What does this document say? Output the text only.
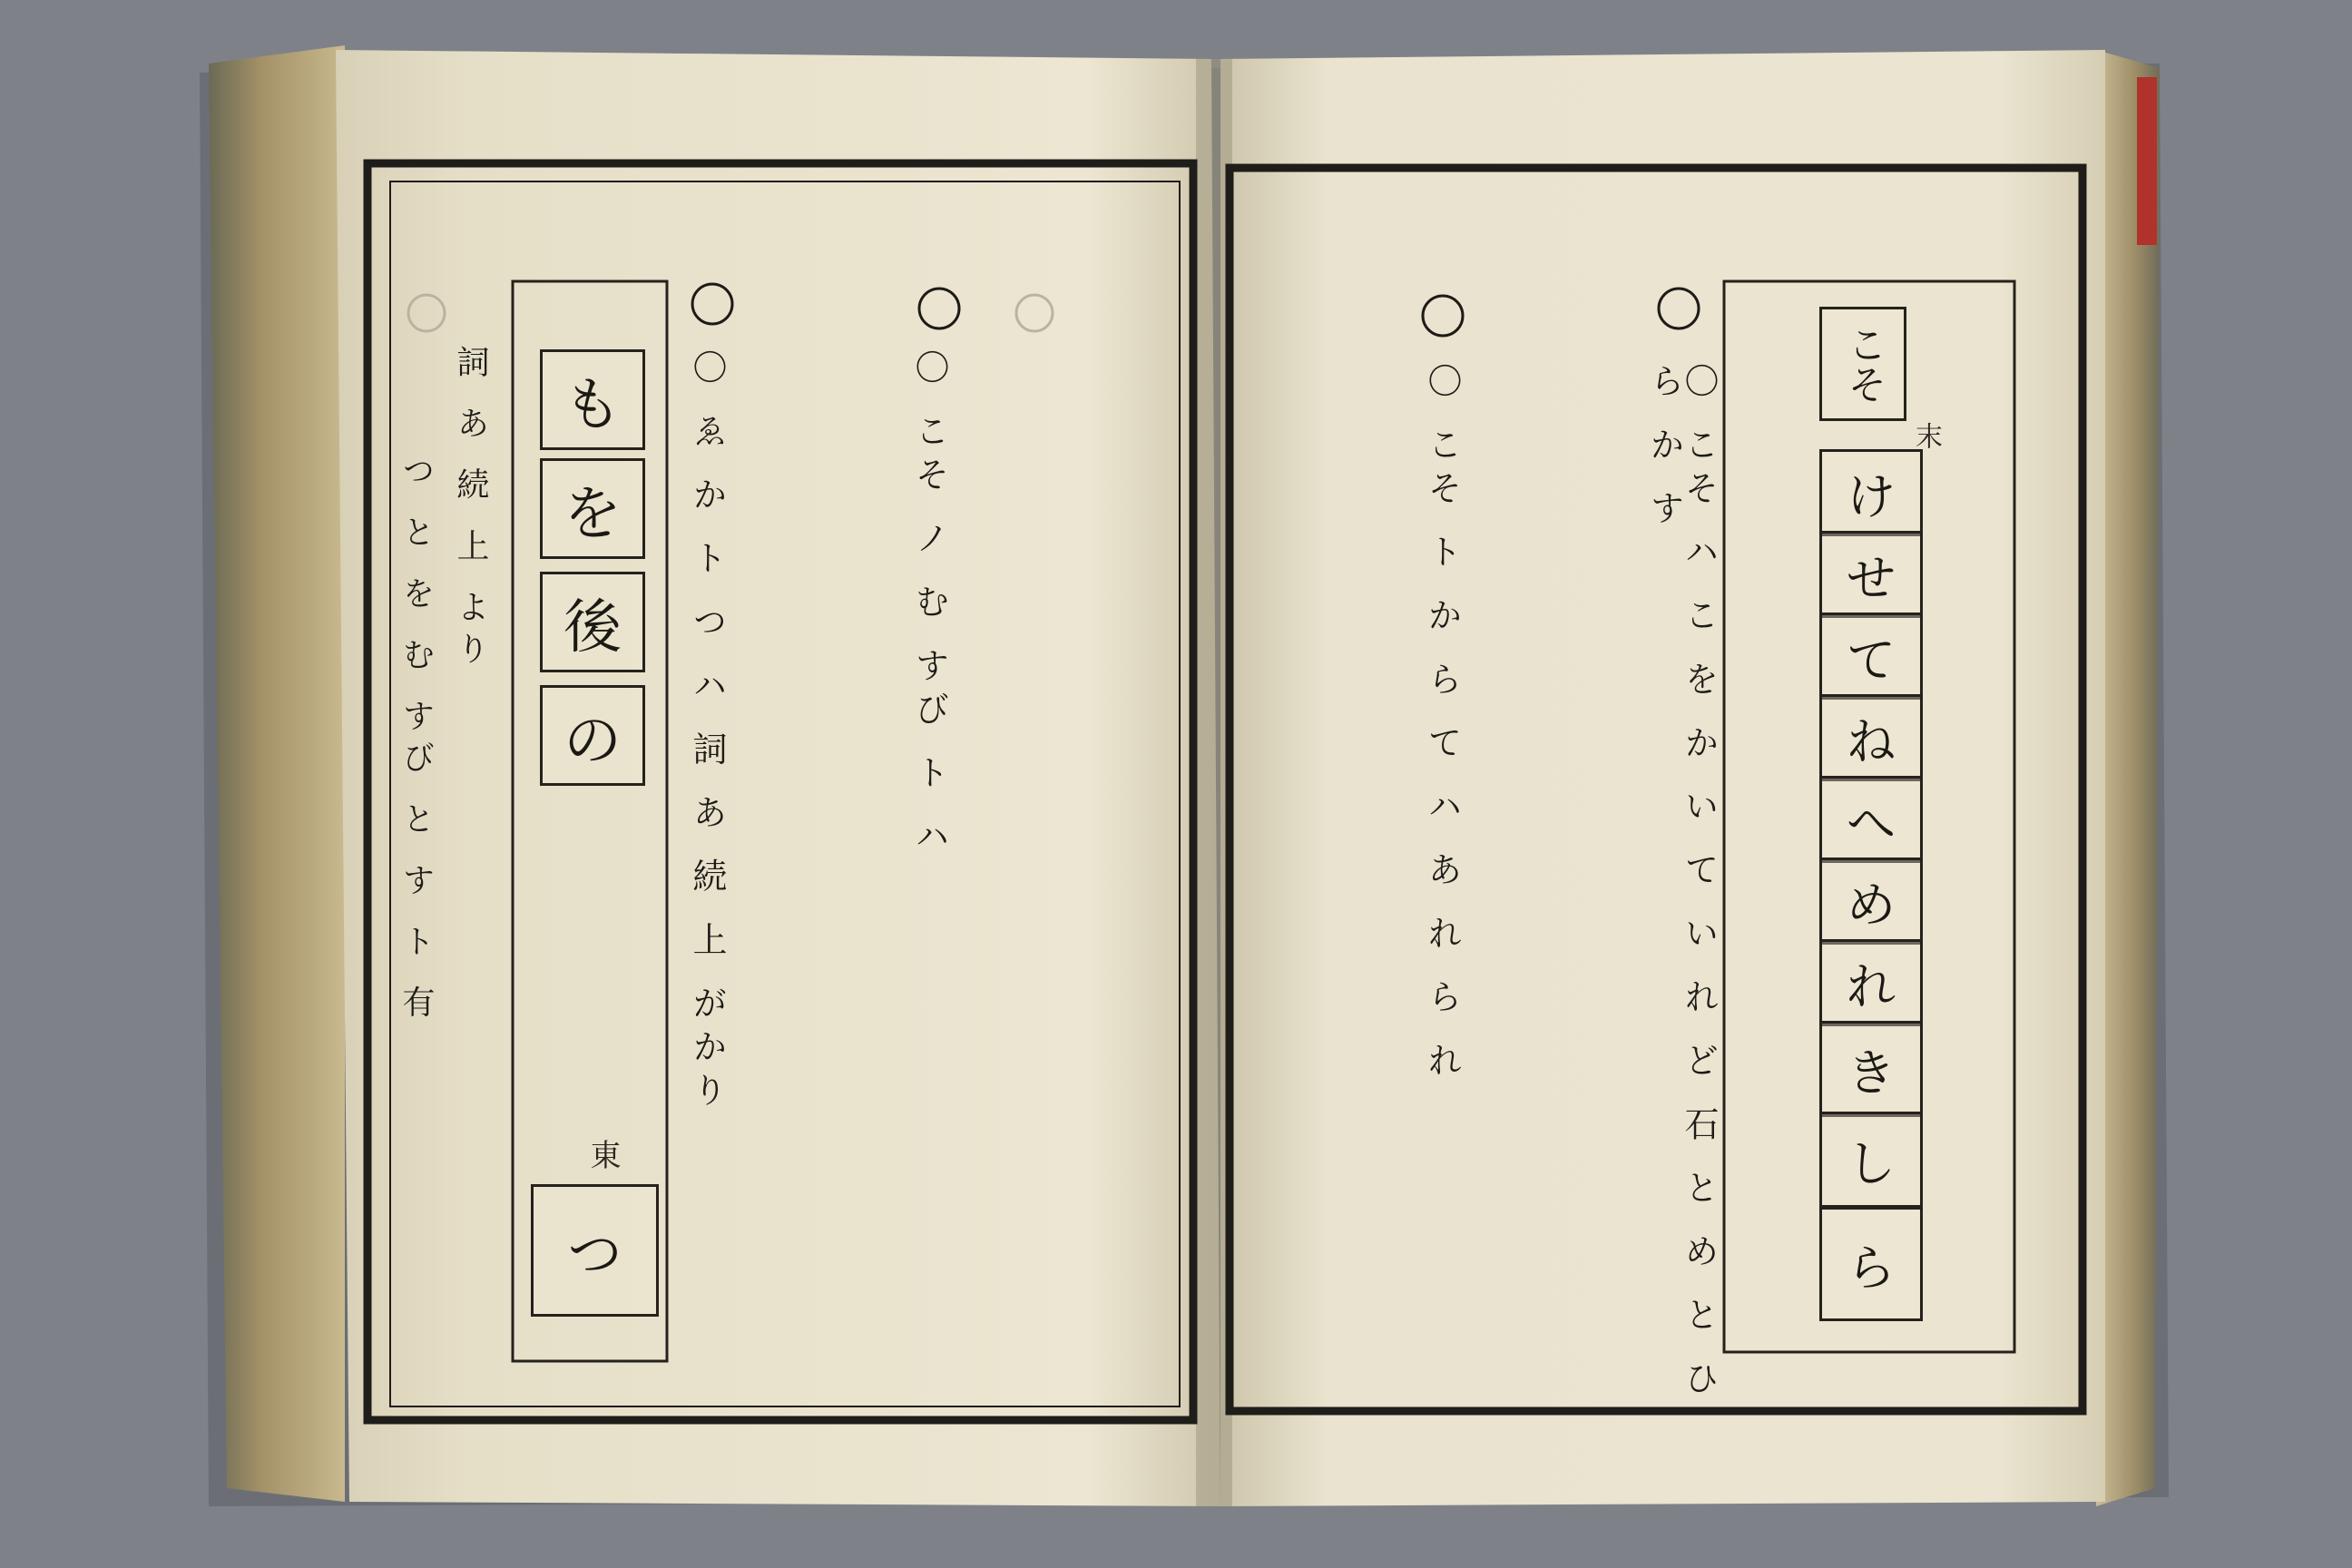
〇 こそ ノ む すび ト ハ
〇 ゑ か ト つ ハ 詞 あ 続 上 がかり
詞 あ 続 上 より
つ と を む すび と す ト 有
も
を
後
の
東
つ	〇 こそ ハ こ を か い て い れ ど 石 と め と ひ ら か す
〇 こそ ト か ら て ハ あ れ ら れ	末
こそ
け
せ
て
ね
へ
め
れ
き
し
ら
